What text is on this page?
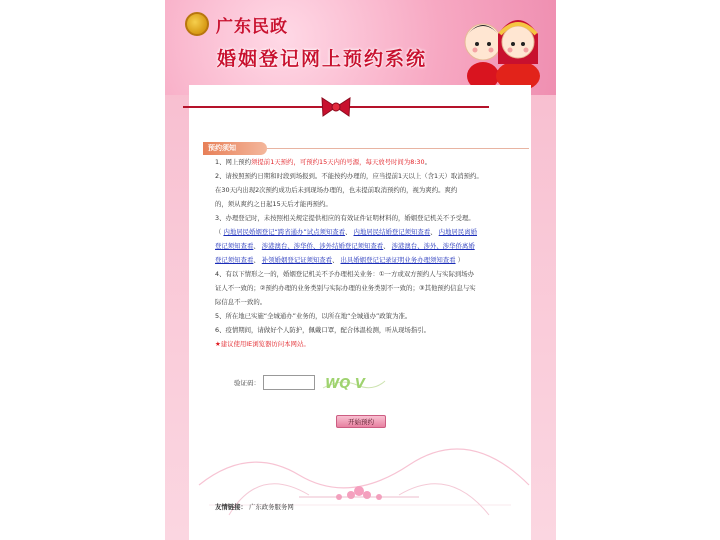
广东民政
婚姻登记网上预约系统
预约须知
1、网上预约须提前1天预约，可预约15天内的号源，每天放号时间为8:30。
2、请按照预约日期和时段到场报到。不能按约办理的，应当提前1天以上（含1天）取消预约。
在30天内出现2次预约成功后未到现场办理的，也未提前取消预约的，视为爽约。爽约
的，须从爽约之日起15天后才能再预约。
3、办理登记时，未按照相关规定提供相应的有效证件证明材料的，婚姻登记机关不予受理。
（ 内地居民婚姻登记“跨省通办”试点须知查看、 内地居民结婚登记须知查看、 内地居民离婚
登记须知查看、 涉港澳台、涉华侨、涉外结婚登记须知查看、 涉港澳台、涉外、涉华侨离婚
登记须知查看、 补领婚姻登记证须知查看、 出具婚姻登记记录证明业务办理须知查看 ）
4、有以下情形之一的，婚姻登记机关不予办理相关业务：①一方或双方预约人与实际到场办
证人不一致的；②预约办理的业务类别与实际办理的业务类别不一致的；③其他预约信息与实
际信息不一致的。
5、所在地已实施“全城通办”业务的，以所在地“全城通办”政策为准。
6、疫情期间，请做好个人防护，佩戴口罩，配合体温检测，听从现场指引。
★建议使用IE浏览器访问本网站。
验证码：	WQ V
开始预约
友情链接： 广东政务服务网
